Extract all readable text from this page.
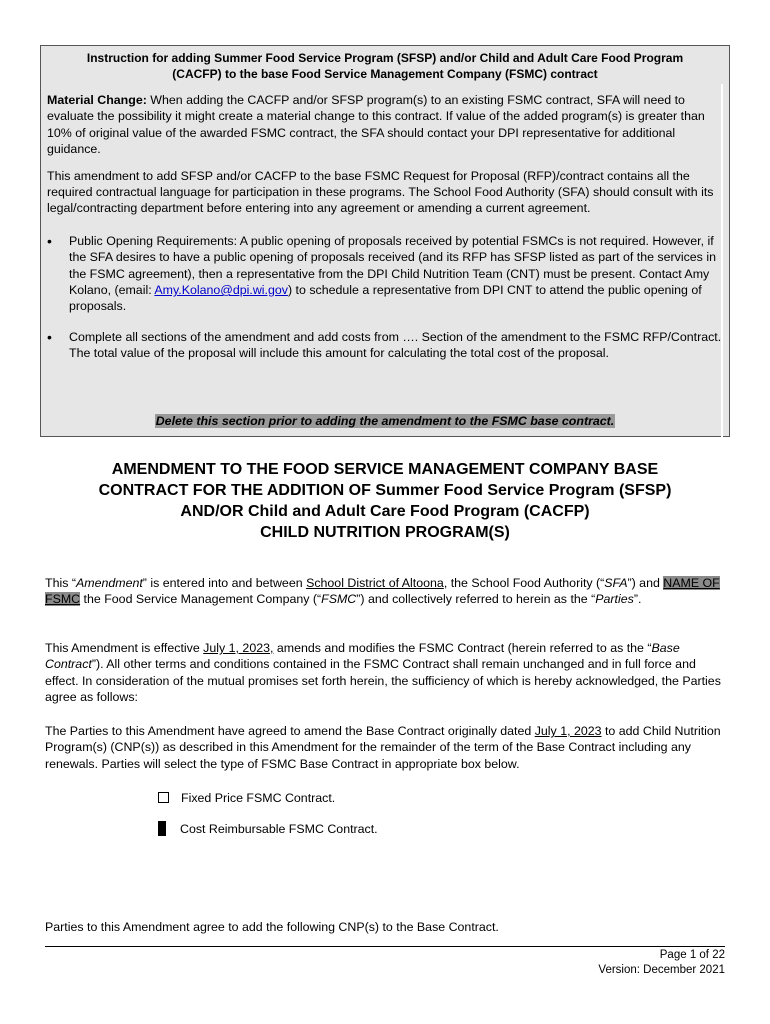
Instruction for adding Summer Food Service Program (SFSP) and/or Child and Adult Care Food Program (CACFP) to the base Food Service Management Company (FSMC) contract

Material Change: When adding the CACFP and/or SFSP program(s) to an existing FSMC contract, SFA will need to evaluate the possibility it might create a material change to this contract. If value of the added program(s) is greater than 10% of original value of the awarded FSMC contract, the SFA should contact your DPI representative for additional guidance.

This amendment to add SFSP and/or CACFP to the base FSMC Request for Proposal (RFP)/contract contains all the required contractual language for participation in these programs. The School Food Authority (SFA) should consult with its legal/contracting department before entering into any agreement or amending a current agreement.

• Public Opening Requirements: A public opening of proposals received by potential FSMCs is not required. However, if the SFA desires to have a public opening of proposals received (and its RFP has SFSP listed as part of the services in the FSMC agreement), then a representative from the DPI Child Nutrition Team (CNT) must be present. Contact Amy Kolano, (email: Amy.Kolano@dpi.wi.gov) to schedule a representative from DPI CNT to attend the public opening of proposals.
• Complete all sections of the amendment and add costs from …. Section of the amendment to the FSMC RFP/Contract. The total value of the proposal will include this amount for calculating the total cost of the proposal.
Delete this section prior to adding the amendment to the FSMC base contract.
AMENDMENT TO THE FOOD SERVICE MANAGEMENT COMPANY BASE
CONTRACT FOR THE ADDITION OF Summer Food Service Program (SFSP)
AND/OR Child and Adult Care Food Program (CACFP)
CHILD NUTRITION PROGRAM(S)

This “Amendment” is entered into and between School District of Altoona, the School Food Authority (“SFA”) and NAME OF FSMC the Food Service Management Company (“FSMC”) and collectively referred to herein as the “Parties”.

This Amendment is effective July 1, 2023, amends and modifies the FSMC Contract (herein referred to as the “Base Contract”). All other terms and conditions contained in the FSMC Contract shall remain unchanged and in full force and effect. In consideration of the mutual promises set forth herein, the sufficiency of which is hereby acknowledged, the Parties agree as follows:

The Parties to this Amendment have agreed to amend the Base Contract originally dated July 1, 2023 to add Child Nutrition Program(s) (CNP(s)) as described in this Amendment for the remainder of the term of the Base Contract including any renewals. Parties will select the type of FSMC Base Contract in appropriate box below.

Fixed Price FSMC Contract.
Cost Reimbursable FSMC Contract.

Parties to this Amendment agree to add the following CNP(s) to the Base Contract.

Page 1 of 22
Version: December 2021
